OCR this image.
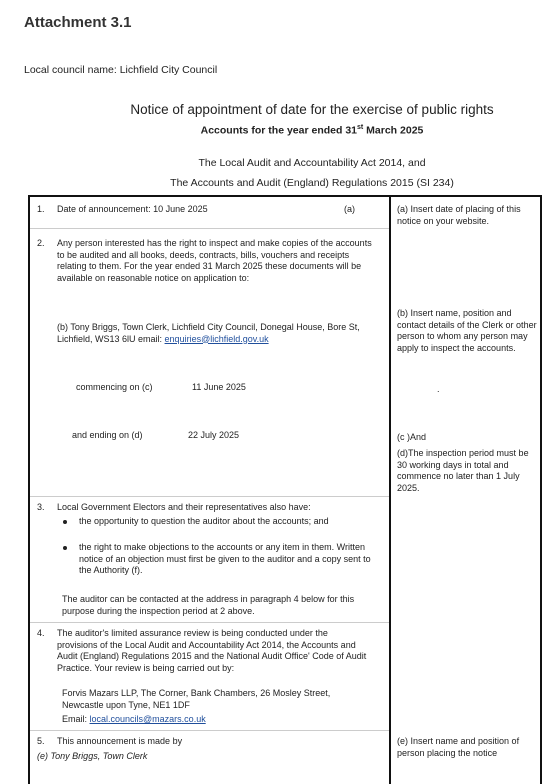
Attachment 3.1
Local council name: Lichfield City Council
Notice of appointment of date for the exercise of public rights
Accounts for the year ended 31st March 2025
The Local Audit and Accountability Act 2014, and
The Accounts and Audit (England) Regulations 2015 (SI 234)
1. Date of announcement: 10 June 2025	(a)
2. Any person interested has the right to inspect and make copies of the accounts to be audited and all books, deeds, contracts, bills, vouchers and receipts relating to them. For the year ended 31 March 2025 these documents will be available on reasonable notice on application to:
(b) Tony Briggs, Town Clerk, Lichfield City Council, Donegal House, Bore St, Lichfield, WS13 6lU email: enquiries@lichfield.gov.uk
commencing on (c)	11 June 2025
and ending on (d)	22 July 2025
3. Local Government Electors and their representatives also have:
the opportunity to question the auditor about the accounts; and
the right to make objections to the accounts or any item in them. Written notice of an objection must first be given to the auditor and a copy sent to the Authority (f).
The auditor can be contacted at the address in paragraph 4 below for this purpose during the inspection period at 2 above.
4. The auditor's limited assurance review is being conducted under the provisions of the Local Audit and Accountability Act 2014, the Accounts and Audit (England) Regulations 2015 and the National Audit Office' Code of Audit Practice. Your review is being carried out by:
Forvis Mazars LLP, The Corner, Bank Chambers, 26 Mosley Street, Newcastle upon Tyne, NE1 1DF
Email: local.councils@mazars.co.uk
5. This announcement is made by
(e) Tony Briggs, Town Clerk
(a) Insert date of placing of this notice on your website.
(b) Insert name, position and contact details of the Clerk or other person to whom any person may apply to inspect the accounts.
.
(c )And
(d)The inspection period must be 30 working days in total and commence no later than 1 July 2025.
(e) Insert name and position of person placing the notice
